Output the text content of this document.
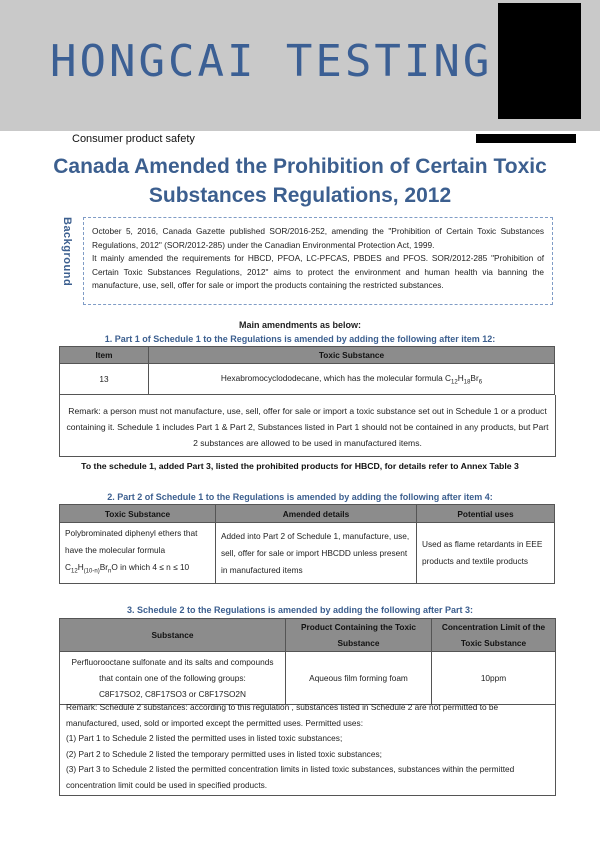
HONGCAI TESTING
Consumer product safety
Canada Amended the Prohibition of Certain Toxic
Substances Regulations, 2012
Background October 5, 2016, Canada Gazette published SOR/2016-252, amending the "Prohibition of Certain Toxic Substances Regulations, 2012" (SOR/2012-285) under the Canadian Environmental Protection Act, 1999.

It mainly amended the requirements for HBCD, PFOA, LC-PFCAS, PBDES and PFOS. SOR/2012-285 "Prohibition of Certain Toxic Substances Regulations, 2012" aims to protect the environment and human health via banning the manufacture, use, sell, offer for sale or import the products containing the restricted substances.

Main amendments as below:
1. Part 1 of Schedule 1 to the Regulations is amended by adding the following after item 12:
Item	Toxic Substance
13	Hexabromocyclododecane, which has the molecular formula $C_{12}H_{18}Br_6$
Remark: a person must not manufacture, use, sell, offer for sale or import a toxic substance set out in Schedule 1 or a product containing it. Schedule 1 includes Part 1 & Part 2, Substances listed in Part 1 should not be contained in any products, but Part 2 substances are allowed to be used in manufactured items.
To the schedule 1, added Part 3, listed the prohibited products for HBCD, for details refer to Annex Table 3
2. Part 2 of Schedule 1 to the Regulations is amended by adding the following after item 4:
Toxic Substance	Amended details	Potential uses
Polybrominated diphenyl ethers that have the molecular formula
$C_{12}H_{(10-n)}Br_nO$ in which 4 ≤ n ≤ 10	Added into Part 2 of Schedule 1, manufacture, use, sell, offer for sale or import HBCDD unless present in manufactured items	Used as flame retardants in EEE products and textile products
3. Schedule 2 to the Regulations is amended by adding the following after Part 3:
Substance	Product Containing the Toxic Substance	Concentration Limit of the Toxic Substance
Perfluorooctane sulfonate and its salts and compounds that contain one of the following groups:
C8F17SO2, C8F17SO3 or C8F17SO2N	Aqueous film forming foam	10ppm
Remark: Schedule 2 substances: according to this regulation , substances listed in Schedule 2 are not permitted to be manufactured, used, sold or imported except the permitted uses. Permitted uses:
(1) Part 1 to Schedule 2 listed the permitted uses in listed toxic substances;
(2) Part 2 to Schedule 2 listed the temporary permitted uses in listed toxic substances;
(3) Part 3 to Schedule 2 listed the permitted concentration limits in listed toxic substances, substances within the permitted concentration limit could be used in specified products.
